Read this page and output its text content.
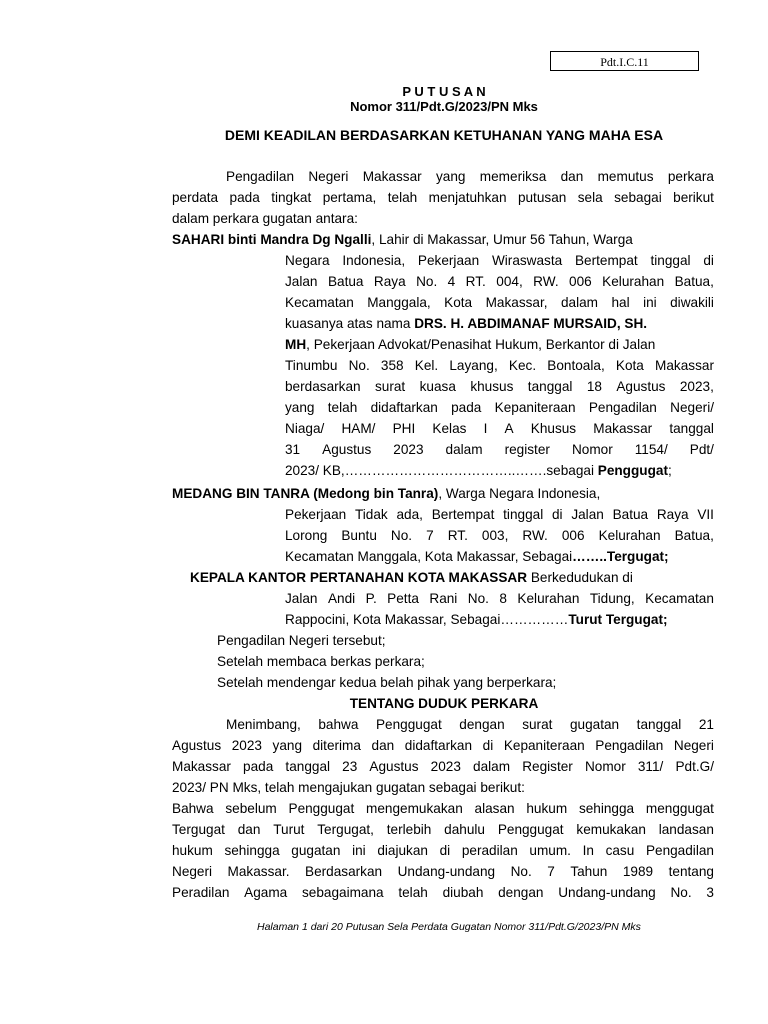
Pdt.I.C.11
P U T U S A N
Nomor 311/Pdt.G/2023/PN Mks
DEMI KEADILAN BERDASARKAN KETUHANAN YANG MAHA ESA
Pengadilan Negeri Makassar yang memeriksa dan memutus perkara
perdata pada tingkat pertama, telah menjatuhkan putusan sela sebagai berikut
dalam perkara gugatan antara:
SAHARI binti Mandra Dg Ngalli, Lahir di Makassar, Umur 56 Tahun, Warga
Negara Indonesia, Pekerjaan Wiraswasta Bertempat tinggal di
Jalan Batua Raya No. 4 RT. 004, RW. 006 Kelurahan Batua,
Kecamatan Manggala, Kota Makassar, dalam hal ini diwakili
kuasanya atas nama DRS. H. ABDIMANAF MURSAID, SH.
MH, Pekerjaan Advokat/Penasihat Hukum, Berkantor di Jalan
Tinumbu No. 358 Kel. Layang, Kec. Bontoala, Kota Makassar
berdasarkan surat kuasa khusus tanggal 18 Agustus 2023,
yang telah didaftarkan pada Kepaniteraan Pengadilan Negeri/
Niaga/ HAM/ PHI Kelas I A Khusus Makassar tanggal
31 Agustus 2023 dalam register Nomor 1154/ Pdt/
2023/ KB,………………………………..…….sebagai Penggugat;
MEDANG BIN TANRA (Medong bin Tanra), Warga Negara Indonesia,
Pekerjaan Tidak ada, Bertempat tinggal di Jalan Batua Raya VII
Lorong Buntu No. 7 RT. 003, RW. 006 Kelurahan Batua,
Kecamatan Manggala, Kota Makassar, Sebagai……..Tergugat;
KEPALA KANTOR PERTANAHAN KOTA MAKASSAR Berkedudukan di
Jalan Andi P. Petta Rani No. 8 Kelurahan Tidung, Kecamatan
Rappocini, Kota Makassar, Sebagai……………Turut Tergugat;
Pengadilan Negeri tersebut;
Setelah membaca berkas perkara;
Setelah mendengar kedua belah pihak yang berperkara;
TENTANG DUDUK PERKARA
Menimbang, bahwa Penggugat dengan surat gugatan tanggal 21
Agustus 2023 yang diterima dan didaftarkan di Kepaniteraan Pengadilan Negeri
Makassar pada tanggal 23 Agustus 2023 dalam Register Nomor 311/ Pdt.G/
2023/ PN Mks, telah mengajukan gugatan sebagai berikut:
Bahwa sebelum Penggugat mengemukakan alasan hukum sehingga menggugat
Tergugat dan Turut Tergugat, terlebih dahulu Penggugat kemukakan landasan
hukum sehingga gugatan ini diajukan di peradilan umum. In casu Pengadilan
Negeri Makassar. Berdasarkan Undang-undang No. 7 Tahun 1989 tentang
Peradilan Agama sebagaimana telah diubah dengan Undang-undang No. 3
Halaman 1 dari 20 Putusan Sela Perdata Gugatan Nomor 311/Pdt.G/2023/PN Mks
